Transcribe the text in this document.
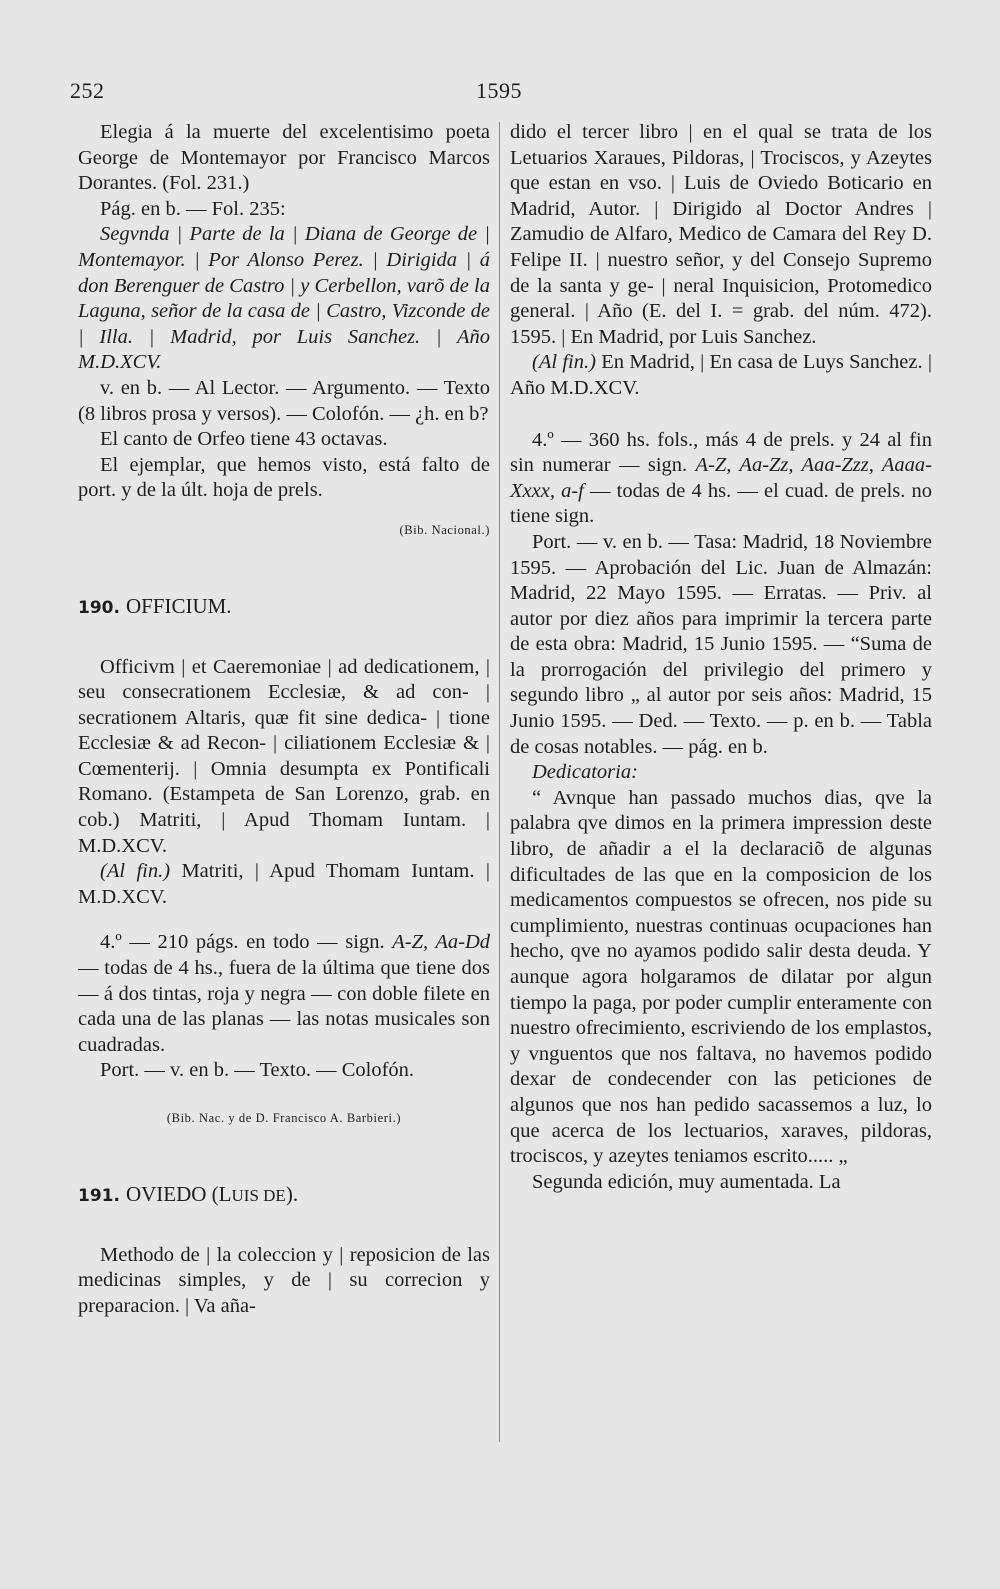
252	1595

Elegia á la muerte del excelentisimo poeta George de Montemayor por Francisco Marcos Dorantes. (Fol. 231.)

Pág. en b. — Fol. 235:

Segvnda | Parte de la | Diana de George de | Montemayor. | Por Alonso Perez. | Dirigida | á don Berenguer de Castro | y Cerbellon, varõ de la Laguna, señor de la casa de | Castro, Vizconde de | Illa. | Madrid, por Luis Sanchez. | Año M.D.XCV.

v. en b. — Al Lector. — Argumento. — Texto (8 libros prosa y versos). — Colofón. — ¿h. en b?

El canto de Orfeo tiene 43 octavas.

El ejemplar, que hemos visto, está falto de port. y de la últ. hoja de prels.

(Bib. Nacional.)

190. OFFICIUM.

Officivm | et Caeremoniae | ad dedicationem, | seu consecrationem Ecclesiæ, & ad con- | secrationem Altaris, quæ fit sine dedica- | tione Ecclesiæ & ad Recon- | ciliationem Ecclesiæ & | Cœmenterij. | Omnia desumpta ex Pontificali Romano. (Estampeta de San Lorenzo, grab. en cob.) Matriti, | Apud Thomam Iuntam. | M.D.XCV.

(Al fin.) Matriti, | Apud Thomam Iuntam. | M.D.XCV.

4.º — 210 págs. en todo — sign. A-Z, Aa-Dd — todas de 4 hs., fuera de la última que tiene dos — á dos tintas, roja y negra — con doble filete en cada una de las planas — las notas musicales son cuadradas.

Port. — v. en b. — Texto. — Colofón.

(Bib. Nac. y de D. Francisco A. Barbieri.)

191. OVIEDO (LUIS DE).

Methodo de | la coleccion y | reposicion de las medicinas simples, y de | su correcion y preparacion. | Va aña-

dido el tercer libro | en el qual se trata de los Letuarios Xaraues, Pildoras, | Trociscos, y Azeytes que estan en vso. | Luis de Oviedo Boticario en Madrid, Autor. | Dirigido al Doctor Andres | Zamudio de Alfaro, Medico de Camara del Rey D. Felipe II. | nuestro señor, y del Consejo Supremo de la santa y ge- | neral Inquisicion, Protomedico general. | Año (E. del I. = grab. del núm. 472). 1595. | En Madrid, por Luis Sanchez.

(Al fin.) En Madrid, | En casa de Luys Sanchez. | Año M.D.XCV.

4.º — 360 hs. fols., más 4 de prels. y 24 al fin sin numerar — sign. A-Z, Aa-Zz, Aaa-Zzz, Aaaa-Xxxx, a-f — todas de 4 hs. — el cuad. de prels. no tiene sign.

Port. — v. en b. — Tasa: Madrid, 18 Noviembre 1595. — Aprobación del Lic. Juan de Almazán: Madrid, 22 Mayo 1595. — Erratas. — Priv. al autor por diez años para imprimir la tercera parte de esta obra: Madrid, 15 Junio 1595. — “Suma de la prorrogación del privilegio del primero y segundo libro „ al autor por seis años: Madrid, 15 Junio 1595. — Ded. — Texto. — p. en b. — Tabla de cosas notables. — pág. en b.

Dedicatoria:

“ Avnque han passado muchos dias, qve la palabra qve dimos en la primera impression deste libro, de añadir a el la declaraciõ de algunas dificultades de las que en la composicion de los medicamentos compuestos se ofrecen, nos pide su cumplimiento, nuestras continuas ocupaciones han hecho, qve no ayamos podido salir desta deuda. Y aunque agora holgaramos de dilatar por algun tiempo la paga, por poder cumplir enteramente con nuestro ofrecimiento, escriviendo de los emplastos, y vnguentos que nos faltava, no havemos podido dexar de condecender con las peticiones de algunos que nos han pedido sacassemos a luz, lo que acerca de los lectuarios, xaraves, pildoras, trociscos, y azeytes teniamos escrito..... „

Segunda edición, muy aumentada. La
